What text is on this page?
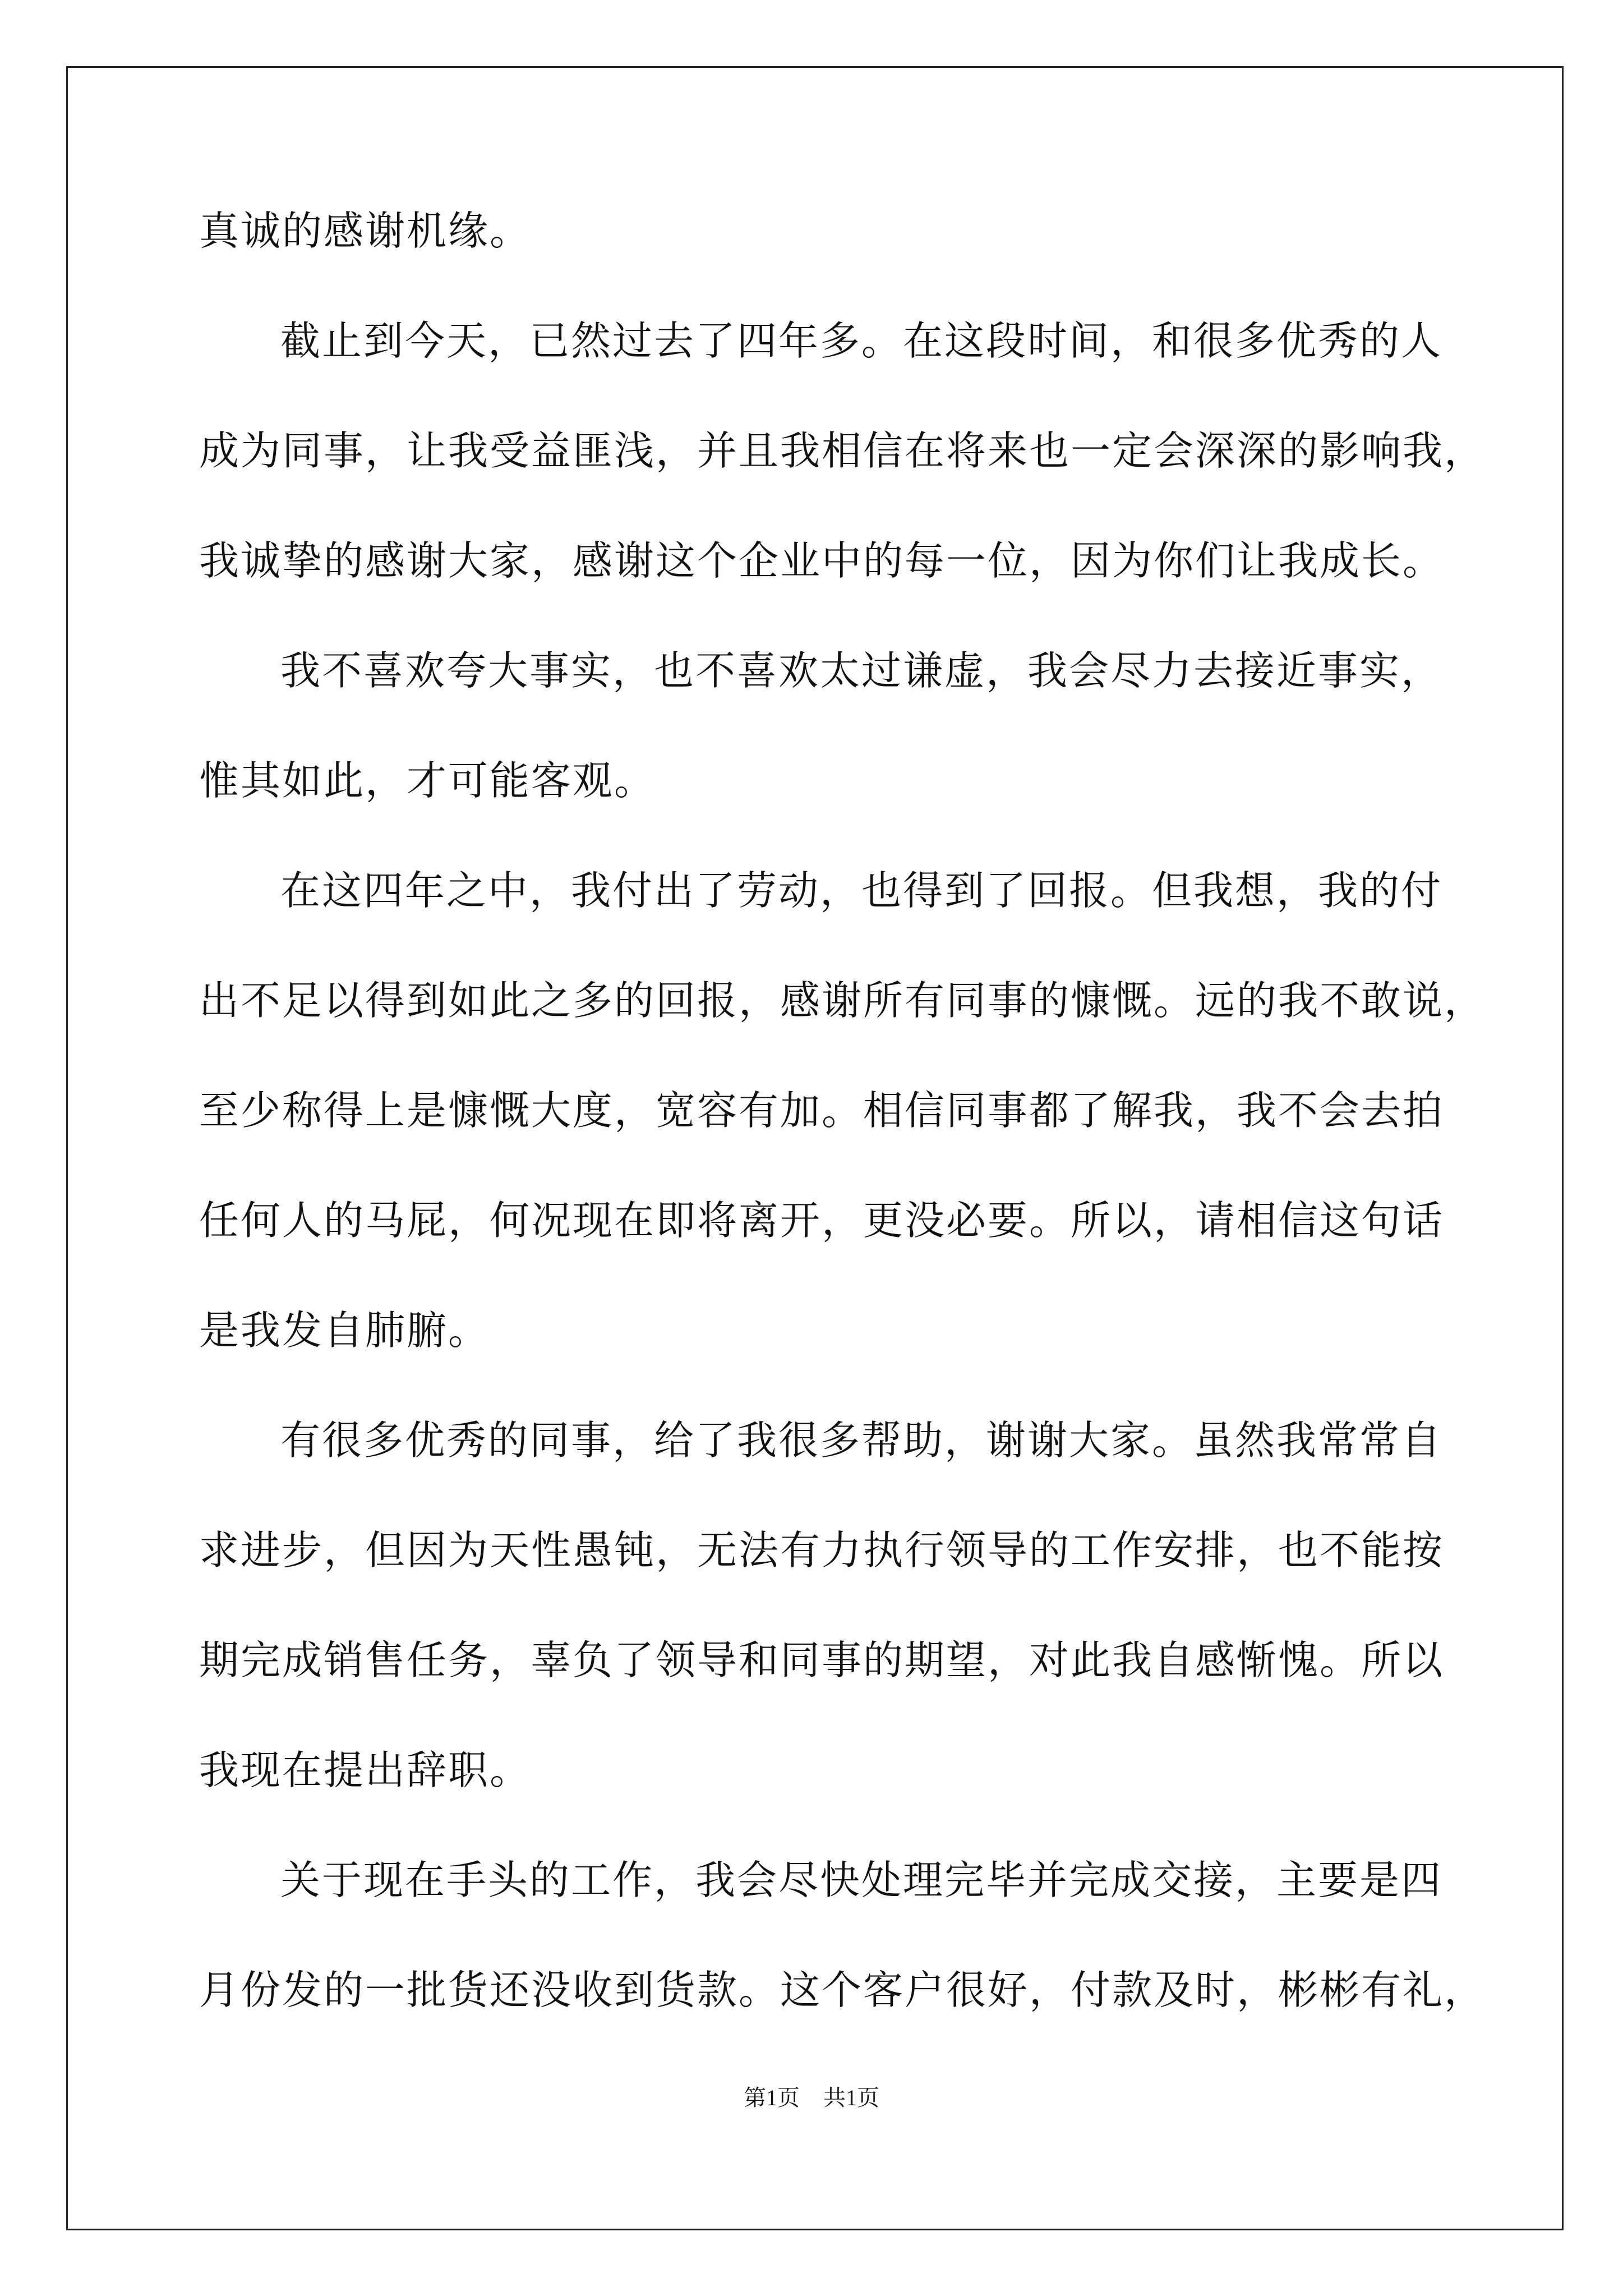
真诚的感谢机缘。
截止到今天，已然过去了四年多。在这段时间，和很多优秀的人
成为同事，让我受益匪浅，并且我相信在将来也一定会深深的影响我，
我诚挚的感谢大家，感谢这个企业中的每一位，因为你们让我成长。
我不喜欢夸大事实，也不喜欢太过谦虚，我会尽力去接近事实，
惟其如此，才可能客观。
在这四年之中，我付出了劳动，也得到了回报。但我想，我的付
出不足以得到如此之多的回报，感谢所有同事的慷慨。远的我不敢说，
至少称得上是慷慨大度，宽容有加。相信同事都了解我，我不会去拍
任何人的马屁，何况现在即将离开，更没必要。所以，请相信这句话
是我发自肺腑。
有很多优秀的同事，给了我很多帮助，谢谢大家。虽然我常常自
求进步，但因为天性愚钝，无法有力执行领导的工作安排，也不能按
期完成销售任务，辜负了领导和同事的期望，对此我自感惭愧。所以
我现在提出辞职。
关于现在手头的工作，我会尽快处理完毕并完成交接，主要是四
月份发的一批货还没收到货款。这个客户很好，付款及时，彬彬有礼，
第1页 共1页
